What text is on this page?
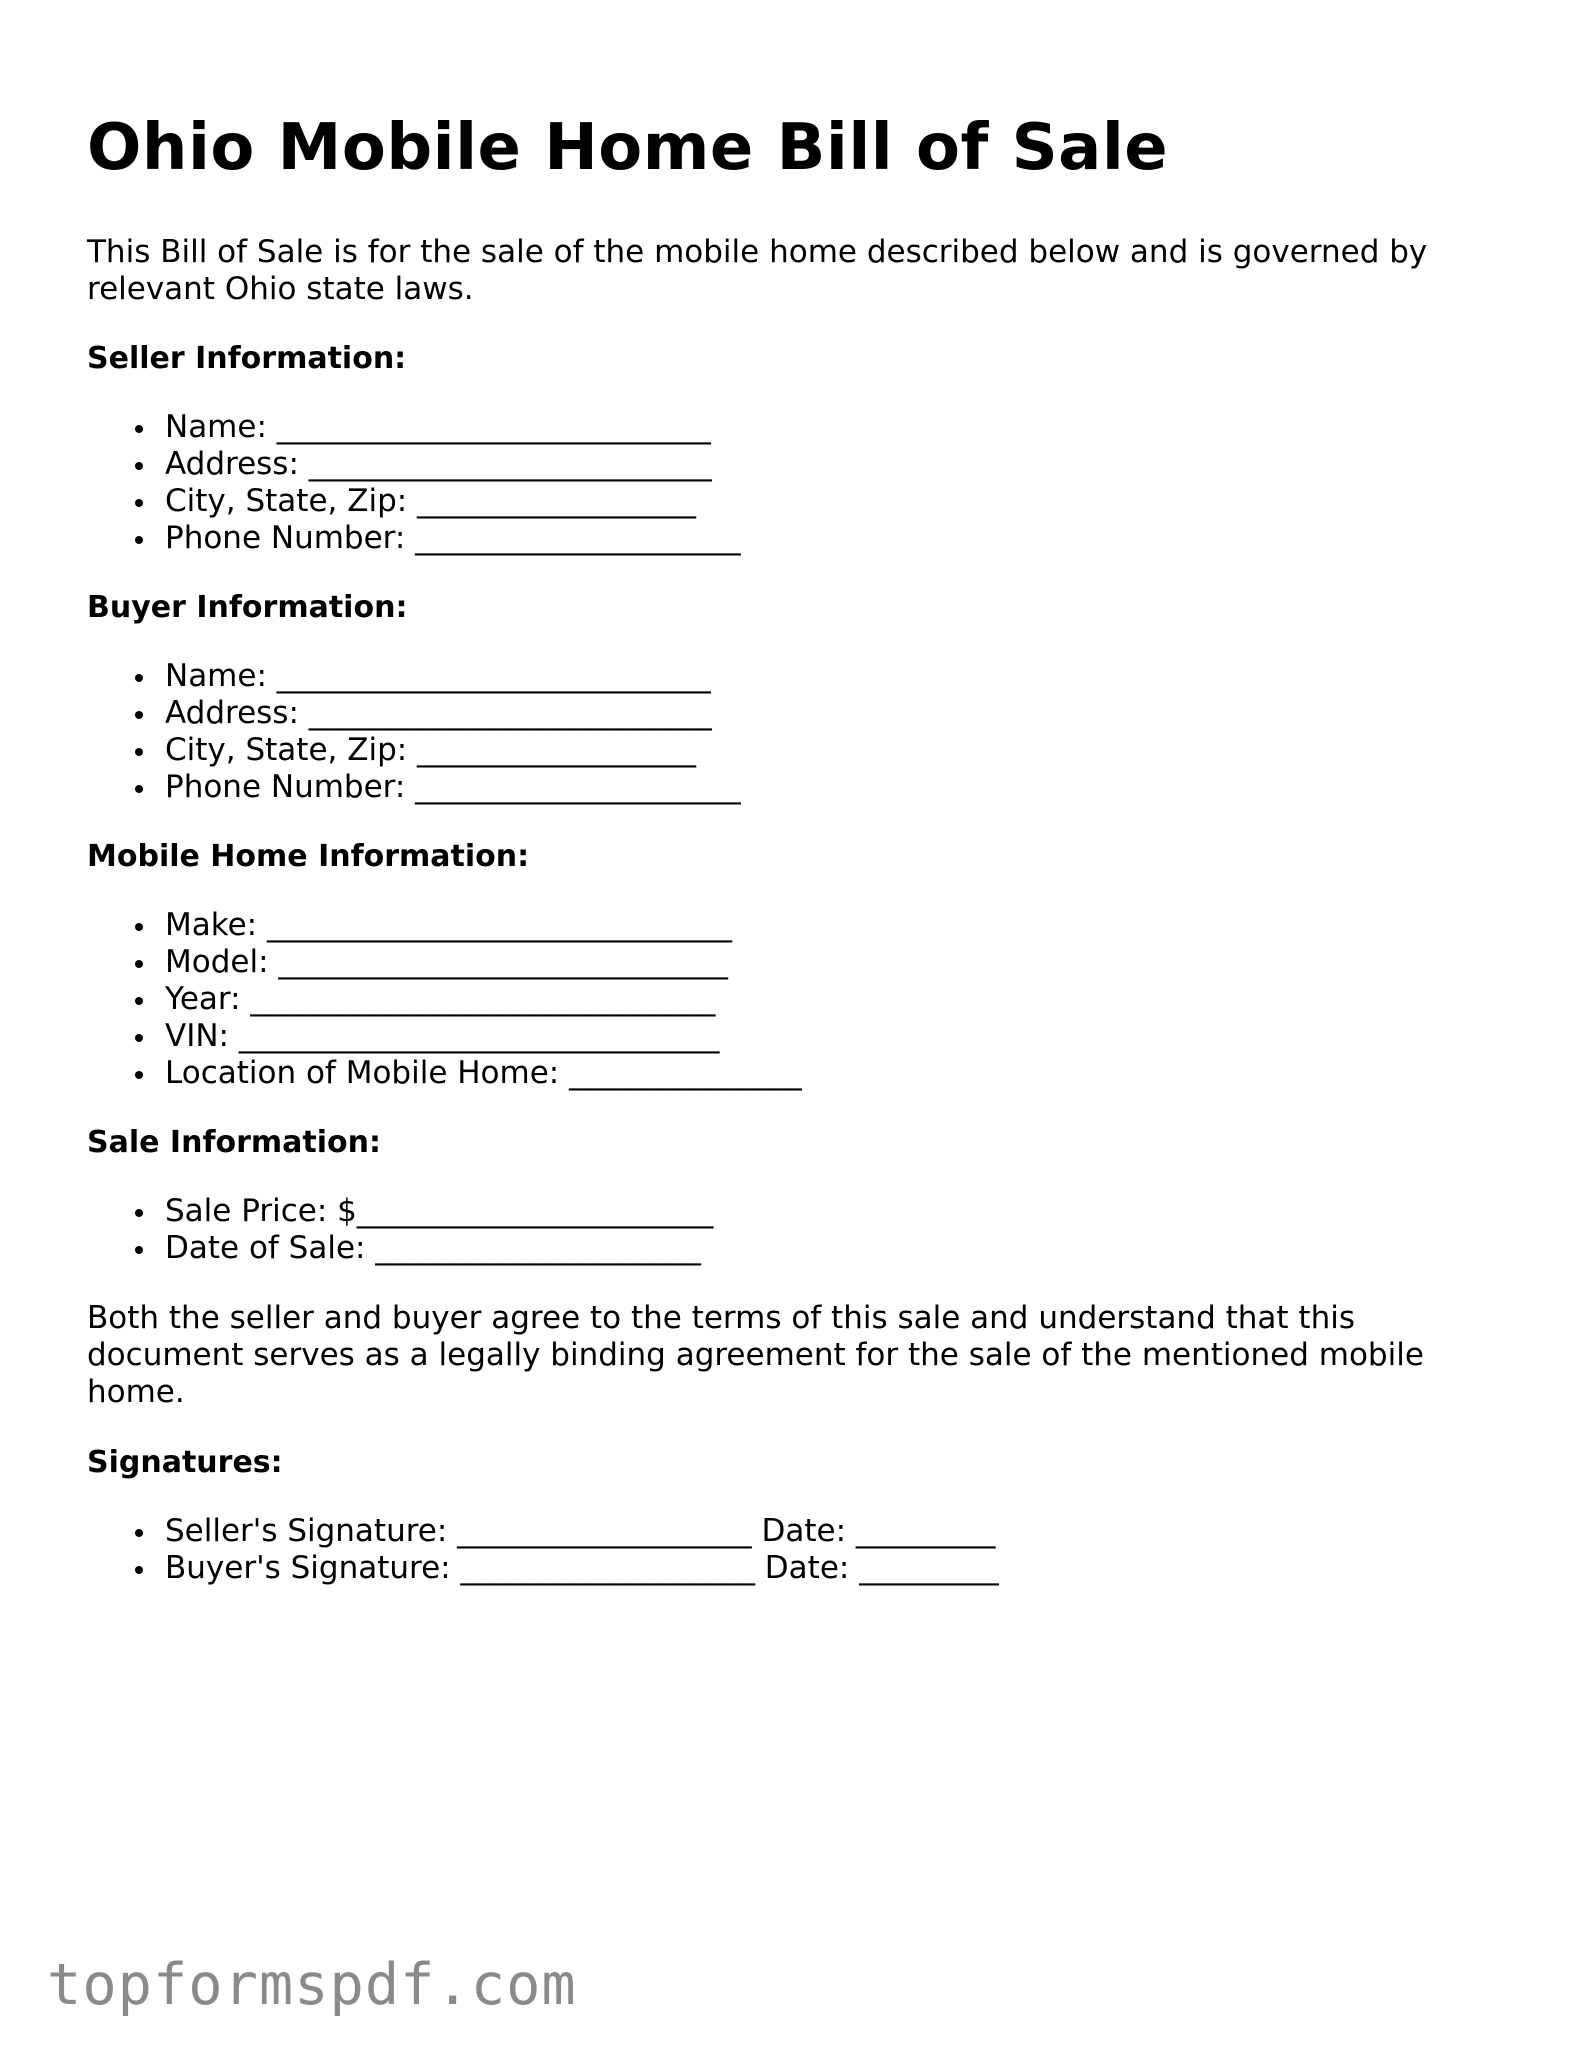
Ohio Mobile Home Bill of Sale

This Bill of Sale is for the sale of the mobile home described below and is governed by relevant Ohio state laws.

Seller Information:
Name: ____________________________
Address: __________________________
City, State, Zip: __________________
Phone Number: _____________________
Buyer Information:
Name: ____________________________
Address: __________________________
City, State, Zip: __________________
Phone Number: _____________________
Mobile Home Information:
Make: ______________________________
Model: _____________________________
Year: ______________________________
VIN: _______________________________
Location of Mobile Home: _______________
Sale Information:
Sale Price: $_______________________
Date of Sale: _____________________

Both the seller and buyer agree to the terms of this sale and understand that this document serves as a legally binding agreement for the sale of the mentioned mobile home.

Signatures:
Seller's Signature: ___________________ Date: _________
Buyer's Signature: ___________________ Date: _________
topformspdf.com
